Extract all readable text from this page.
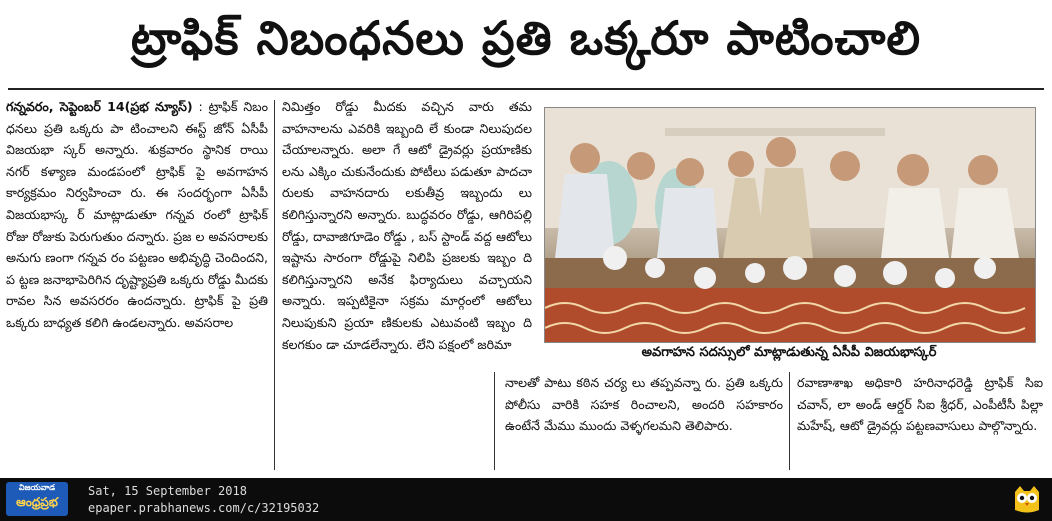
ట్రాఫిక్ నిబంధనలు ప్రతి ఒక్కరూ పాటించాలి

గన్నవరం, సెప్టెంబర్ 14(ప్రభ న్యూస్) : ట్రాఫిక్ నిబం ధనలు ప్రతి ఒక్కరు పా టించాలని ఈస్ట్ జోన్ ఏసీపీ విజయభా స్కర్ అన్నారు. శుక్రవారం స్థానిక రాయి నగర్ కళ్యాణ మండపంలో ట్రాఫిక్ పై అవగాహన కార్యక్రమం నిర్వహించా రు. ఈ సందర్భంగా ఏసీపీ విజయభాస్క ర్ మాట్లాడుతూ గన్నవ రంలో ట్రాఫిక్ రోజు రోజుకు పెరుగుతుం దన్నారు. ప్రజ ల అవసరాలకు అనుగు ణంగా గన్నవ రం పట్టణం అభివృద్ధి చెందిందని, ప ట్టణ జనాభాపెరిగిన దృష్ట్యాప్రతి ఒక్కరు రోడ్డు మీదకు రావల సిన అవసరరం ఉందన్నారు. ట్రాఫిక్ పై ప్రతి ఒక్కరు బాధ్యత కలిగి ఉండలన్నారు. అవసరాల

నిమిత్తం రోడ్డు మీదకు వచ్చిన వారు తమ వాహనాలను ఎవరికి ఇబ్బంది లే కుండా నిలుపుదల చేయాలన్నారు. అలా గే ఆటో డ్రైవర్లు ప్రయాణికు లను ఎక్కిం చుకునేందుకు పోటీలు పడుతూ పాదచా రులకు వాహనదారు లకుతీవ్ర ఇబ్బందు లు కలిగిస్తున్నారని అన్నారు. బుద్ధవరం రోడ్డు, ఆగిరిపల్లి రోడ్డు, దావాజిగూడెం రోడ్డు , బస్ స్టాండ్ వద్ద ఆటోలు ఇష్టాను సారంగా రోడ్డుపై నిలిపి ప్రజలకు ఇబ్బం ది కలిగిస్తున్నారని అనేక ఫిర్యాదులు వచ్చాయని అన్నారు. ఇప్పటికైనా సక్రమ మార్గంలో ఆటోలు నిలుపుకుని ప్రయా ణికులకు ఎటువంటి ఇబ్బం ది కలగకుం డా చూడలేన్నారు. లేని పక్షంలో జరిమా

అవగాహన సదస్సులో మాట్లాడుతున్న ఏసీపీ విజయభాస్కర్

నాలతో పాటు కఠిన చర్య లు తప్పవన్నా రు. ప్రతి ఒక్కరు పోలీసు వారికి సహక రించాలని, అందరి సహకారం ఉంటేనే మేము ముందు వెళ్ళగలమని తెలిపారు.

రవాణాశాఖ అధికారి హరినాధరెడ్డి ట్రాఫిక్ సిఐ చవాన్, లా అండ్ ఆర్డర్ సిఐ శ్రీధర్, ఎంపీటీసీ పిల్లా మహేష్, ఆటో డ్రైవర్లు పట్టణవాసులు పాల్గొన్నారు.

విజయవాడ
ఆంధ్రప్రభ
Sat, 15 September 2018
epaper.prabhanews.com/c/32195032
